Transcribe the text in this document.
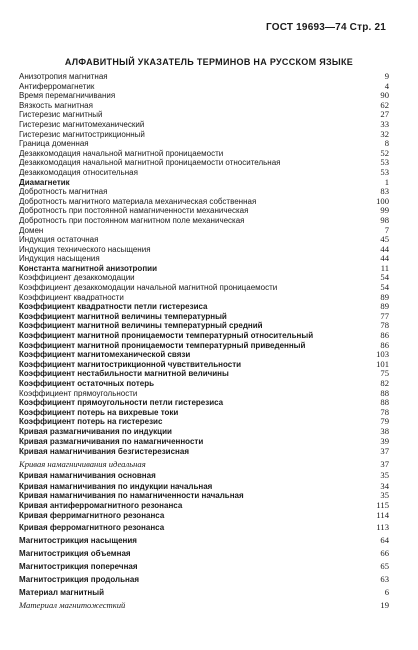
ГОСТ 19693—74 Стр. 21
АЛФАВИТНЫЙ УКАЗАТЕЛЬ ТЕРМИНОВ НА РУССКОМ ЯЗЫКЕ
Анизотропия магнитная	9
Антиферромагнетик	4
Время перемагничивания	90
Вязкость магнитная	62
Гистерезис магнитный	27
Гистерезис магнитомеханический	33
Гистерезис магнитострикционный	32
Граница доменная	8
Дезаккомодация начальной магнитной проницаемости	52
Дезаккомодация начальной магнитной проницаемости относительная	53
Дезаккомодация относительная	53
Диамагнетик	1
Добротность магнитная	83
Добротность магнитного материала механическая собственная	100
Добротность при постоянной намагниченности механическая	99
Добротность при постоянном магнитном поле механическая	98
Домен	7
Индукция остаточная	45
Индукция технического насыщения	44
Индукция насыщения	44
Константа магнитной анизотропии	11
Коэффициент дезаккомодации	54
Коэффициент дезаккомодации начальной магнитной проницаемости	54
Коэффициент квадратности	89
Коэффициент квадратности петли гистерезиса	89
Коэффициент магнитной величины температурный	77
Коэффициент магнитной величины температурный средний	78
Коэффициент магнитной проницаемости температурный относительный	86
Коэффициент магнитной проницаемости температурный приведенный	86
Коэффициент магнитомеханической связи	103
Коэффициент магнитострикционной чувствительности	101
Коэффициент нестабильности магнитной величины	75
Коэффициент остаточных потерь	82
Коэффициент прямоугольности	88
Коэффициент прямоугольности петли гистерезиса	88
Коэффициент потерь на вихревые токи	78
Коэффициент потерь на гистерезис	79
Кривая размагничивания по индукции	38
Кривая размагничивания по намагниченности	39
Кривая намагничивания безгистерезисная	37
Кривая намагничивания идеальная	37
Кривая намагничивания основная	35
Кривая намагничивания по индукции начальная	34
Кривая намагничивания по намагниченности начальная	35
Кривая антиферромагнитного резонанса	115
Кривая ферримагнитного резонанса	114
Кривая ферромагнитного резонанса	113
Магнитострикция насыщения	64
Магнитострикция объемная	66
Магнитострикция поперечная	65
Магнитострикция продольная	63
Материал магнитный	6
Материал магнитожесткий	19
